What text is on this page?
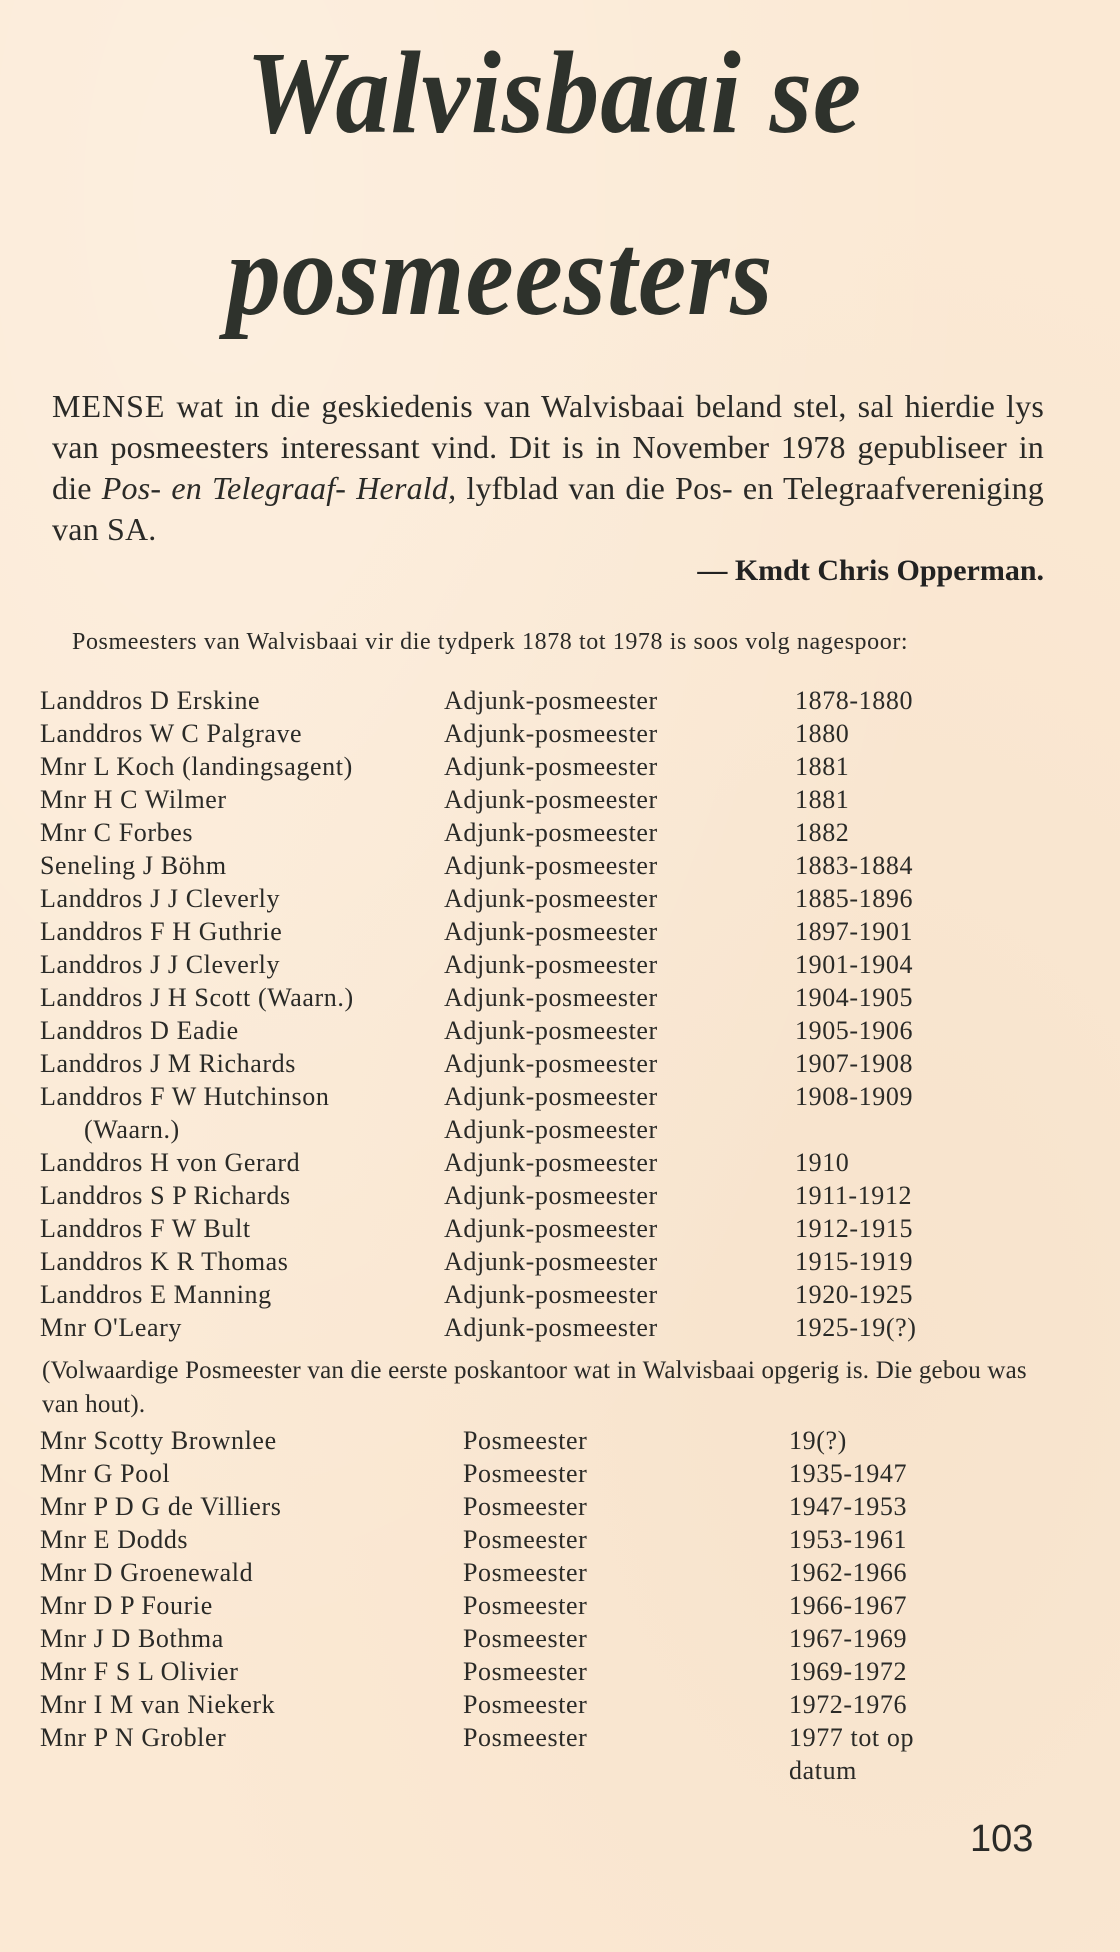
Walvisbaai se
posmeesters

MENSE wat in die geskiedenis van Walvisbaai beland stel, sal hierdie lys van posmeesters interessant vind. Dit is in November 1978 gepubliseer in die Pos- en Telegraaf- Herald, lyfblad van die Pos- en Telegraafvereniging van SA.

— Kmdt Chris Opperman.

Posmeesters van Walvisbaai vir die tydperk 1878 tot 1978 is soos volg nagespoor:

Landdros D Erskine	Adjunk-posmeester	1878-1880
Landdros W C Palgrave	Adjunk-posmeester	1880
Mnr L Koch (landingsagent)	Adjunk-posmeester	1881
Mnr H C Wilmer	Adjunk-posmeester	1881
Mnr C Forbes	Adjunk-posmeester	1882
Seneling J Böhm	Adjunk-posmeester	1883-1884
Landdros J J Cleverly	Adjunk-posmeester	1885-1896
Landdros F H Guthrie	Adjunk-posmeester	1897-1901
Landdros J J Cleverly	Adjunk-posmeester	1901-1904
Landdros J H Scott (Waarn.)	Adjunk-posmeester	1904-1905
Landdros D Eadie	Adjunk-posmeester	1905-1906
Landdros J M Richards	Adjunk-posmeester	1907-1908
Landdros F W Hutchinson	Adjunk-posmeester	1908-1909
(Waarn.)	Adjunk-posmeester
Landdros H von Gerard	Adjunk-posmeester	1910
Landdros S P Richards	Adjunk-posmeester	1911-1912
Landdros F W Bult	Adjunk-posmeester	1912-1915
Landdros K R Thomas	Adjunk-posmeester	1915-1919
Landdros E Manning	Adjunk-posmeester	1920-1925
Mnr O'Leary	Adjunk-posmeester	1925-19(?)

(Volwaardige Posmeester van die eerste poskantoor wat in Walvisbaai opgerig is. Die gebou was van hout).

Mnr Scotty Brownlee	Posmeester	19(?)
Mnr G Pool	Posmeester	1935-1947
Mnr P D G de Villiers	Posmeester	1947-1953
Mnr E Dodds	Posmeester	1953-1961
Mnr D Groenewald	Posmeester	1962-1966
Mnr D P Fourie	Posmeester	1966-1967
Mnr J D Bothma	Posmeester	1967-1969
Mnr F S L Olivier	Posmeester	1969-1972
Mnr I M van Niekerk	Posmeester	1972-1976
Mnr P N Grobler	Posmeester	1977 tot op
datum
103
